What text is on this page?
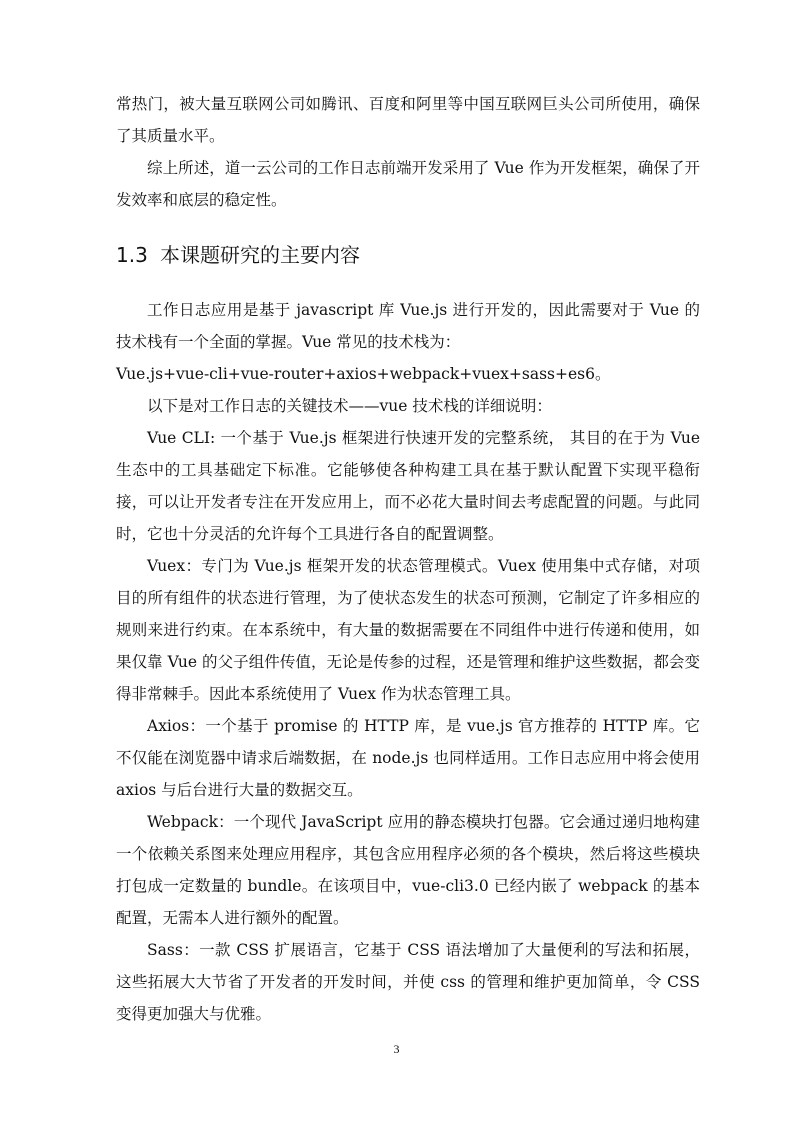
常热门，被大量互联网公司如腾讯、百度和阿里等中国互联网巨头公司所使用，确保了其质量水平。

综上所述，道一云公司的工作日志前端开发采用了 Vue 作为开发框架，确保了开发效率和底层的稳定性。

1.3 本课题研究的主要内容

工作日志应用是基于 javascript 库 Vue.js 进行开发的，因此需要对于 Vue 的技术栈有一个全面的掌握。Vue 常见的技术栈为：

Vue.js+vue-cli+vue-router+axios+webpack+vuex+sass+es6。

以下是对工作日志的关键技术——vue 技术栈的详细说明：

Vue CLI: 一个基于 Vue.js 框架进行快速开发的完整系统， 其目的在于为 Vue 生态中的工具基础定下标准。它能够使各种构建工具在基于默认配置下实现平稳衔接，可以让开发者专注在开发应用上，而不必花大量时间去考虑配置的问题。与此同时，它也十分灵活的允许每个工具进行各自的配置调整。

Vuex：专门为 Vue.js 框架开发的状态管理模式。Vuex 使用集中式存储，对项目的所有组件的状态进行管理，为了使状态发生的状态可预测，它制定了许多相应的规则来进行约束。在本系统中，有大量的数据需要在不同组件中进行传递和使用，如果仅靠 Vue 的父子组件传值，无论是传参的过程，还是管理和维护这些数据，都会变得非常棘手。因此本系统使用了 Vuex 作为状态管理工具。

Axios：一个基于 promise 的 HTTP 库，是 vue.js 官方推荐的 HTTP 库。它不仅能在浏览器中请求后端数据，在 node.js 也同样适用。工作日志应用中将会使用 axios 与后台进行大量的数据交互。

Webpack：一个现代 JavaScript 应用的静态模块打包器。它会通过递归地构建一个依赖关系图来处理应用程序，其包含应用程序必须的各个模块，然后将这些模块打包成一定数量的 bundle。在该项目中，vue-cli3.0 已经内嵌了 webpack 的基本配置，无需本人进行额外的配置。

Sass：一款 CSS 扩展语言，它基于 CSS 语法增加了大量便利的写法和拓展，这些拓展大大节省了开发者的开发时间，并使 css 的管理和维护更加简单，令 CSS 变得更加强大与优雅。

3
